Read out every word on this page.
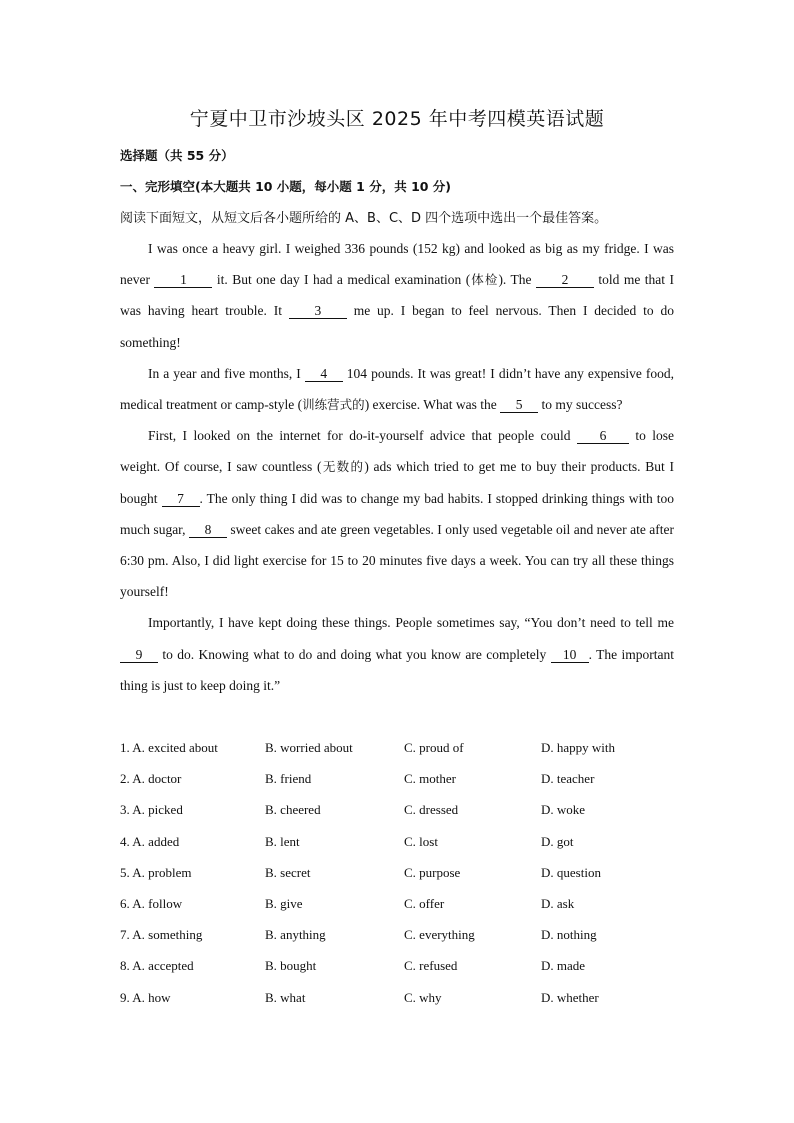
宁夏中卫市沙坡头区 2025 年中考四模英语试题
选择题（共 55 分）
一、完形填空(本大题共 10 小题，每小题 1 分，共 10 分)
阅读下面短文，从短文后各小题所给的 A、B、C、D 四个选项中选出一个最佳答案。

I was once a heavy girl. I weighed 336 pounds (152 kg) and looked as big as my fridge. I was never 1 it. But one day I had a medical examination (体检). The 2 told me that I was having heart trouble. It 3 me up. I began to feel nervous. Then I decided to do something!

In a year and five months, I 4 104 pounds. It was great! I didn’t have any expensive food, medical treatment or camp-style (训练营式的) exercise. What was the 5 to my success?

First, I looked on the internet for do-it-yourself advice that people could 6 to lose weight. Of course, I saw countless (无数的) ads which tried to get me to buy their products. But I bought 7 . The only thing I did was to change my bad habits. I stopped drinking things with too much sugar, 8 sweet cakes and ate green vegetables. I only used vegetable oil and never ate after 6:30 pm. Also, I did light exercise for 15 to 20 minutes five days a week. You can try all these things yourself!

Importantly, I have kept doing these things. People sometimes say, “You don’t need to tell me 9 to do. Knowing what to do and doing what you know are completely 10 . The important thing is just to keep doing it.”

1. A. excited about	B. worried about	C. proud of	D. happy with
2. A. doctor	B. friend	C. mother	D. teacher
3. A. picked	B. cheered	C. dressed	D. woke
4. A. added	B. lent	C. lost	D. got
5. A. problem	B. secret	C. purpose	D. question
6. A. follow	B. give	C. offer	D. ask
7. A. something	B. anything	C. everything	D. nothing
8. A. accepted	B. bought	C. refused	D. made
9. A. how	B. what	C. why	D. whether
